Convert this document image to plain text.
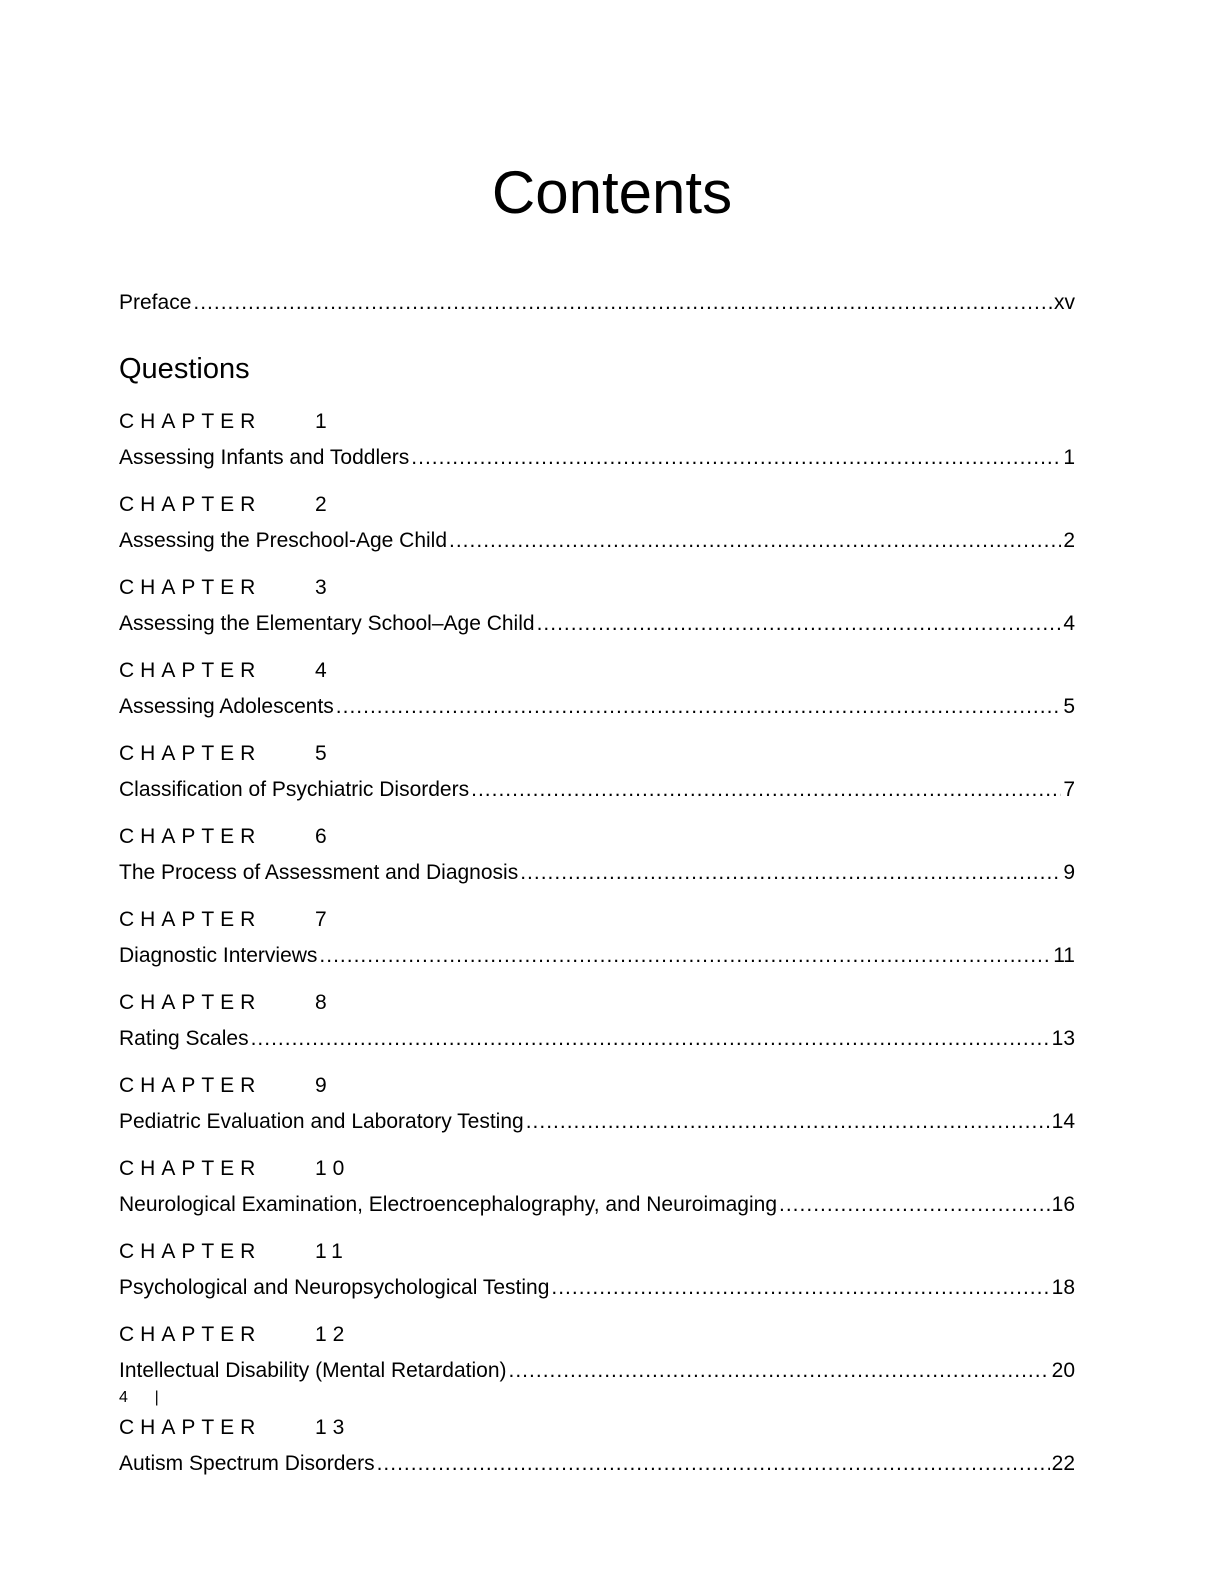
Contents
Preface .....	xv
Questions
CHAPTER	1
Assessing Infants and Toddlers .....	1
CHAPTER	2
Assessing the Preschool-Age Child .....	2
CHAPTER	3
Assessing the Elementary School–Age Child .....	4
CHAPTER	4
Assessing Adolescents .....	5
CHAPTER	5
Classification of Psychiatric Disorders .....	7
CHAPTER	6
The Process of Assessment and Diagnosis .....	9
CHAPTER	7
Diagnostic Interviews .....	11
CHAPTER	8
Rating Scales .....	13
CHAPTER	9
Pediatric Evaluation and Laboratory Testing .....	14
CHAPTER	10
Neurological Examination, Electroencephalography, and Neuroimaging .....	16
CHAPTER	11
Psychological and Neuropsychological Testing .....	18
CHAPTER	12
Intellectual Disability (Mental Retardation) .....	20
4 |
CHAPTER	13
Autism Spectrum Disorders .....	22
